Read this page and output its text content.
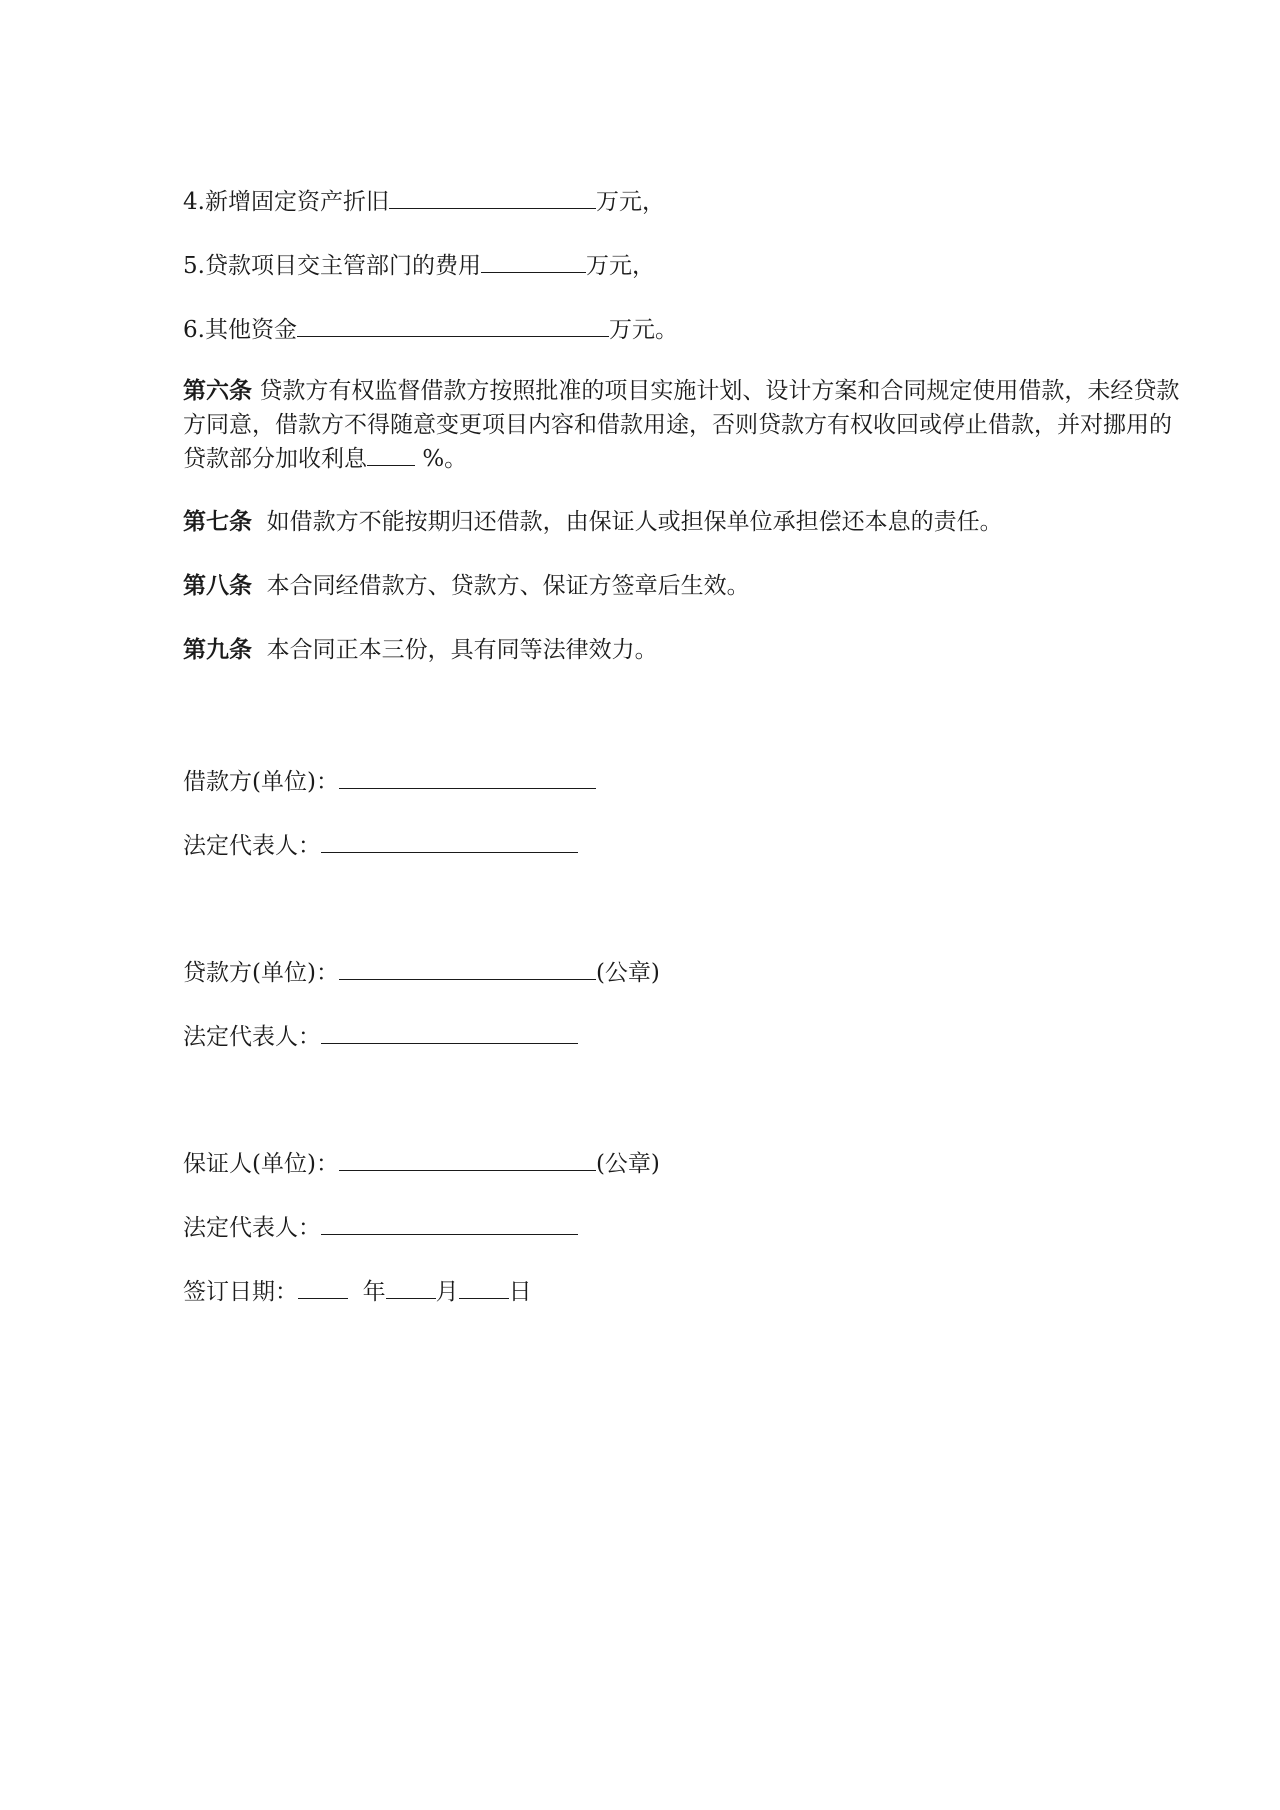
4.新增固定资产折旧	万元，
5.贷款项目交主管部门的费用	万元，
6.其他资金	万元。
第六条 贷款方有权监督借款方按照批准的项目实施计划、设计方案和合同规定使用借款，未经贷款方同意，借款方不得随意变更项目内容和借款用途，否则贷款方有权收回或停止借款，并对挪用的贷款部分加收利息 %。
第七条 如借款方不能按期归还借款，由保证人或担保单位承担偿还本息的责任。
第八条 本合同经借款方、贷款方、保证方签章后生效。
第九条 本合同正本三份，具有同等法律效力。
借款方(单位)：
法定代表人：
贷款方(单位)：	(公章)
法定代表人：
保证人(单位)：	(公章)
法定代表人：
签订日期：	年 月 日
